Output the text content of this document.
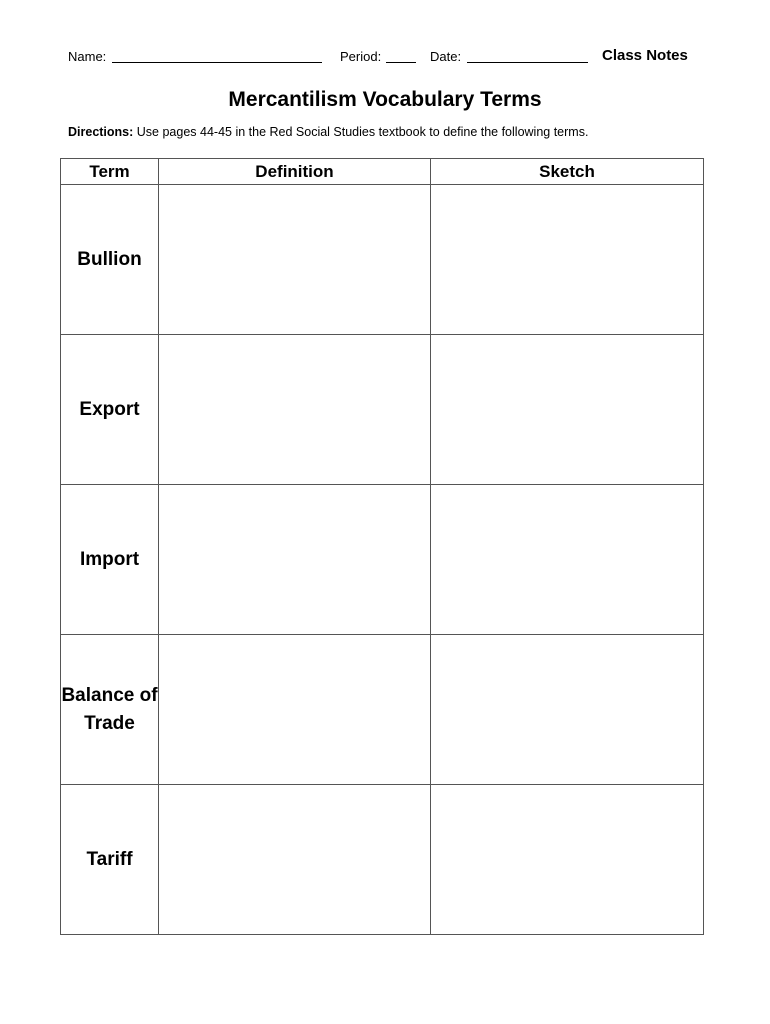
Name:	Period:	Date:	Class Notes
Mercantilism Vocabulary Terms
Directions: Use pages 44-45 in the Red Social Studies textbook to define the following terms.
Term	Definition	Sketch
Bullion		
Export		
Import		
Balance of Trade		
Tariff		
